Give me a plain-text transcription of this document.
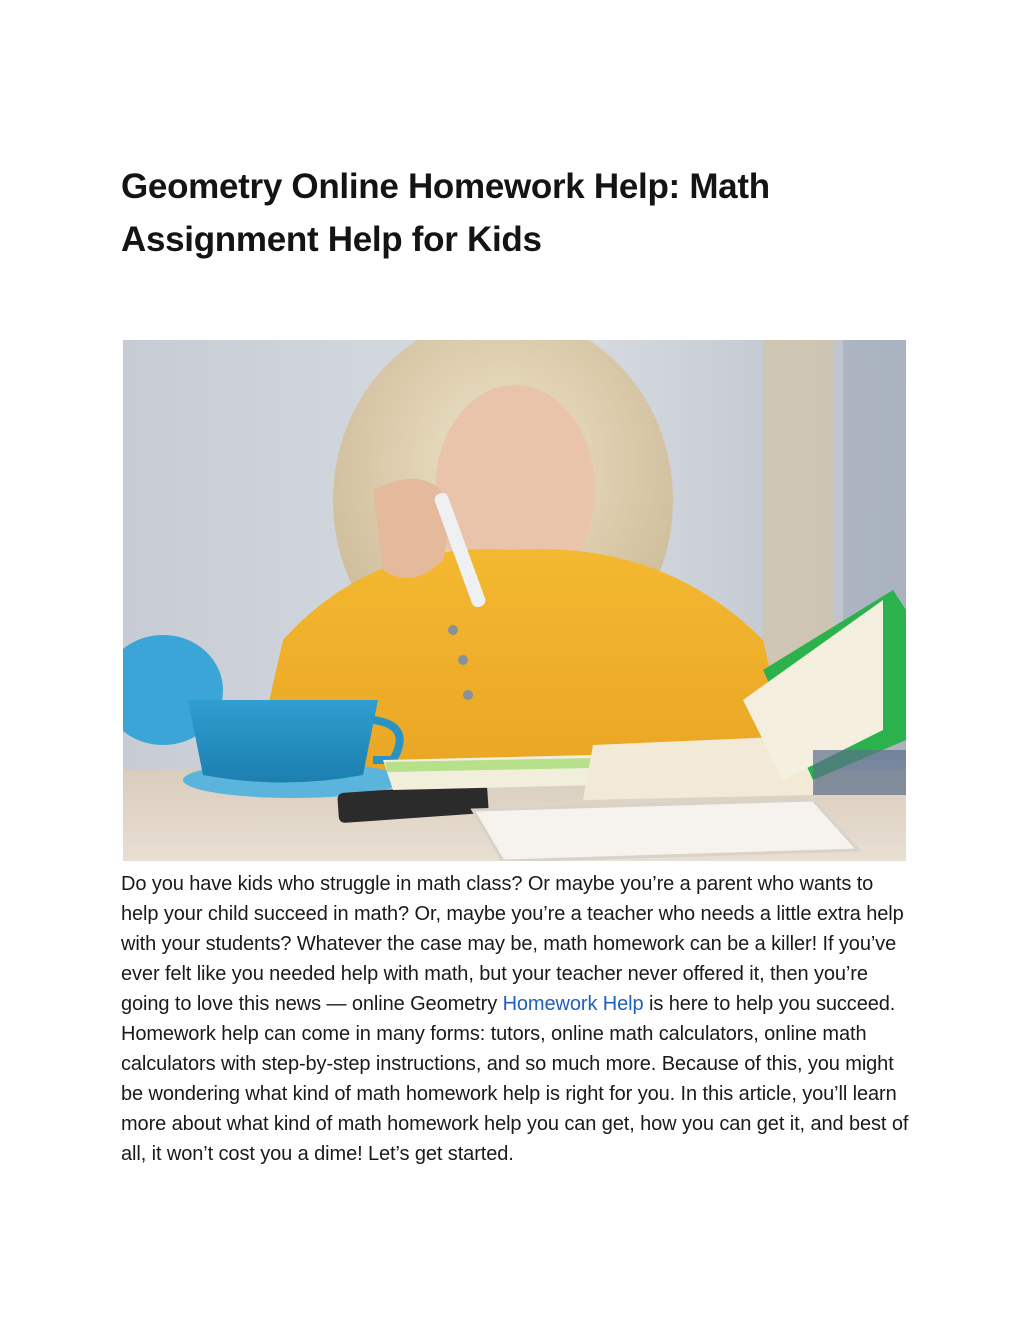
Geometry Online Homework Help: Math Assignment Help for Kids

Do you have kids who struggle in math class? Or maybe you’re a parent who wants to help your child succeed in math? Or, maybe you’re a teacher who needs a little extra help with your students? Whatever the case may be, math homework can be a killer! If you’ve ever felt like you needed help with math, but your teacher never offered it, then you’re going to love this news — online Geometry Homework Help is here to help you succeed.

Homework help can come in many forms: tutors, online math calculators, online math calculators with step-by-step instructions, and so much more. Because of this, you might be wondering what kind of math homework help is right for you. In this article, you’ll learn more about what kind of math homework help you can get, how you can get it, and best of all, it won’t cost you a dime! Let’s get started.
